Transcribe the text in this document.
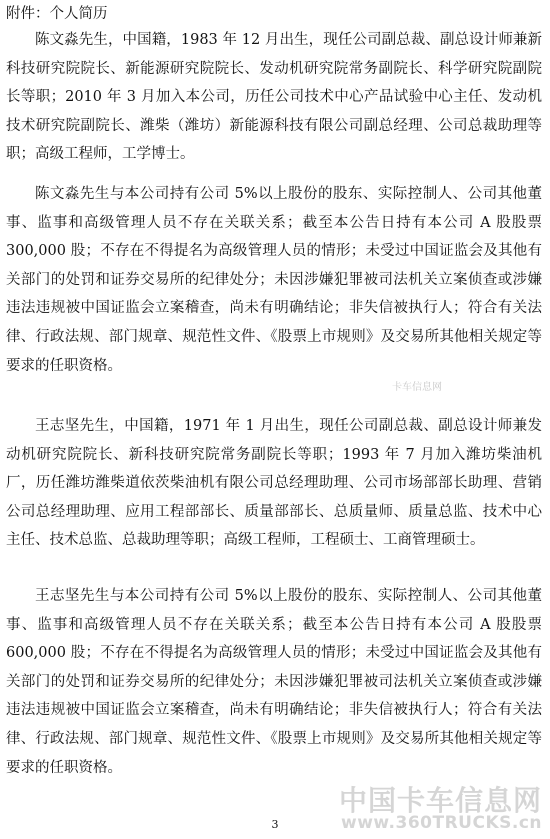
附件：个人简历

陈文淼先生，中国籍，1983 年 12 月出生，现任公司副总裁、副总设计师兼新科技研究院院长、新能源研究院院长、发动机研究院常务副院长、科学研究院副院长等职；2010 年 3 月加入本公司，历任公司技术中心产品试验中心主任、发动机技术研究院副院长、潍柴（潍坊）新能源科技有限公司副总经理、公司总裁助理等职；高级工程师，工学博士。

陈文淼先生与本公司持有公司 5%以上股份的股东、实际控制人、公司其他董事、监事和高级管理人员不存在关联关系；截至本公告日持有本公司 A 股股票 300,000 股；不存在不得提名为高级管理人员的情形；未受过中国证监会及其他有关部门的处罚和证券交易所的纪律处分；未因涉嫌犯罪被司法机关立案侦查或涉嫌违法违规被中国证监会立案稽查，尚未有明确结论；非失信被执行人；符合有关法律、行政法规、部门规章、规范性文件、《股票上市规则》及交易所其他相关规定等要求的任职资格。

王志坚先生，中国籍，1971 年 1 月出生，现任公司副总裁、副总设计师兼发动机研究院院长、新科技研究院常务副院长等职；1993 年 7 月加入潍坊柴油机厂，历任潍坊潍柴道依茨柴油机有限公司总经理助理、公司市场部部长助理、营销公司总经理助理、应用工程部部长、质量部部长、总质量师、质量总监、技术中心主任、技术总监、总裁助理等职；高级工程师，工程硕士、工商管理硕士。

王志坚先生与本公司持有公司 5%以上股份的股东、实际控制人、公司其他董事、监事和高级管理人员不存在关联关系；截至本公告日持有本公司 A 股股票 600,000 股；不存在不得提名为高级管理人员的情形；未受过中国证监会及其他有关部门的处罚和证券交易所的纪律处分；未因涉嫌犯罪被司法机关立案侦查或涉嫌违法违规被中国证监会立案稽查，尚未有明确结论；非失信被执行人；符合有关法律、行政法规、部门规章、规范性文件、《股票上市规则》及交易所其他相关规定等要求的任职资格。

卡车信息网
3
中国卡车信息网
www.360TRUCKS.cn
